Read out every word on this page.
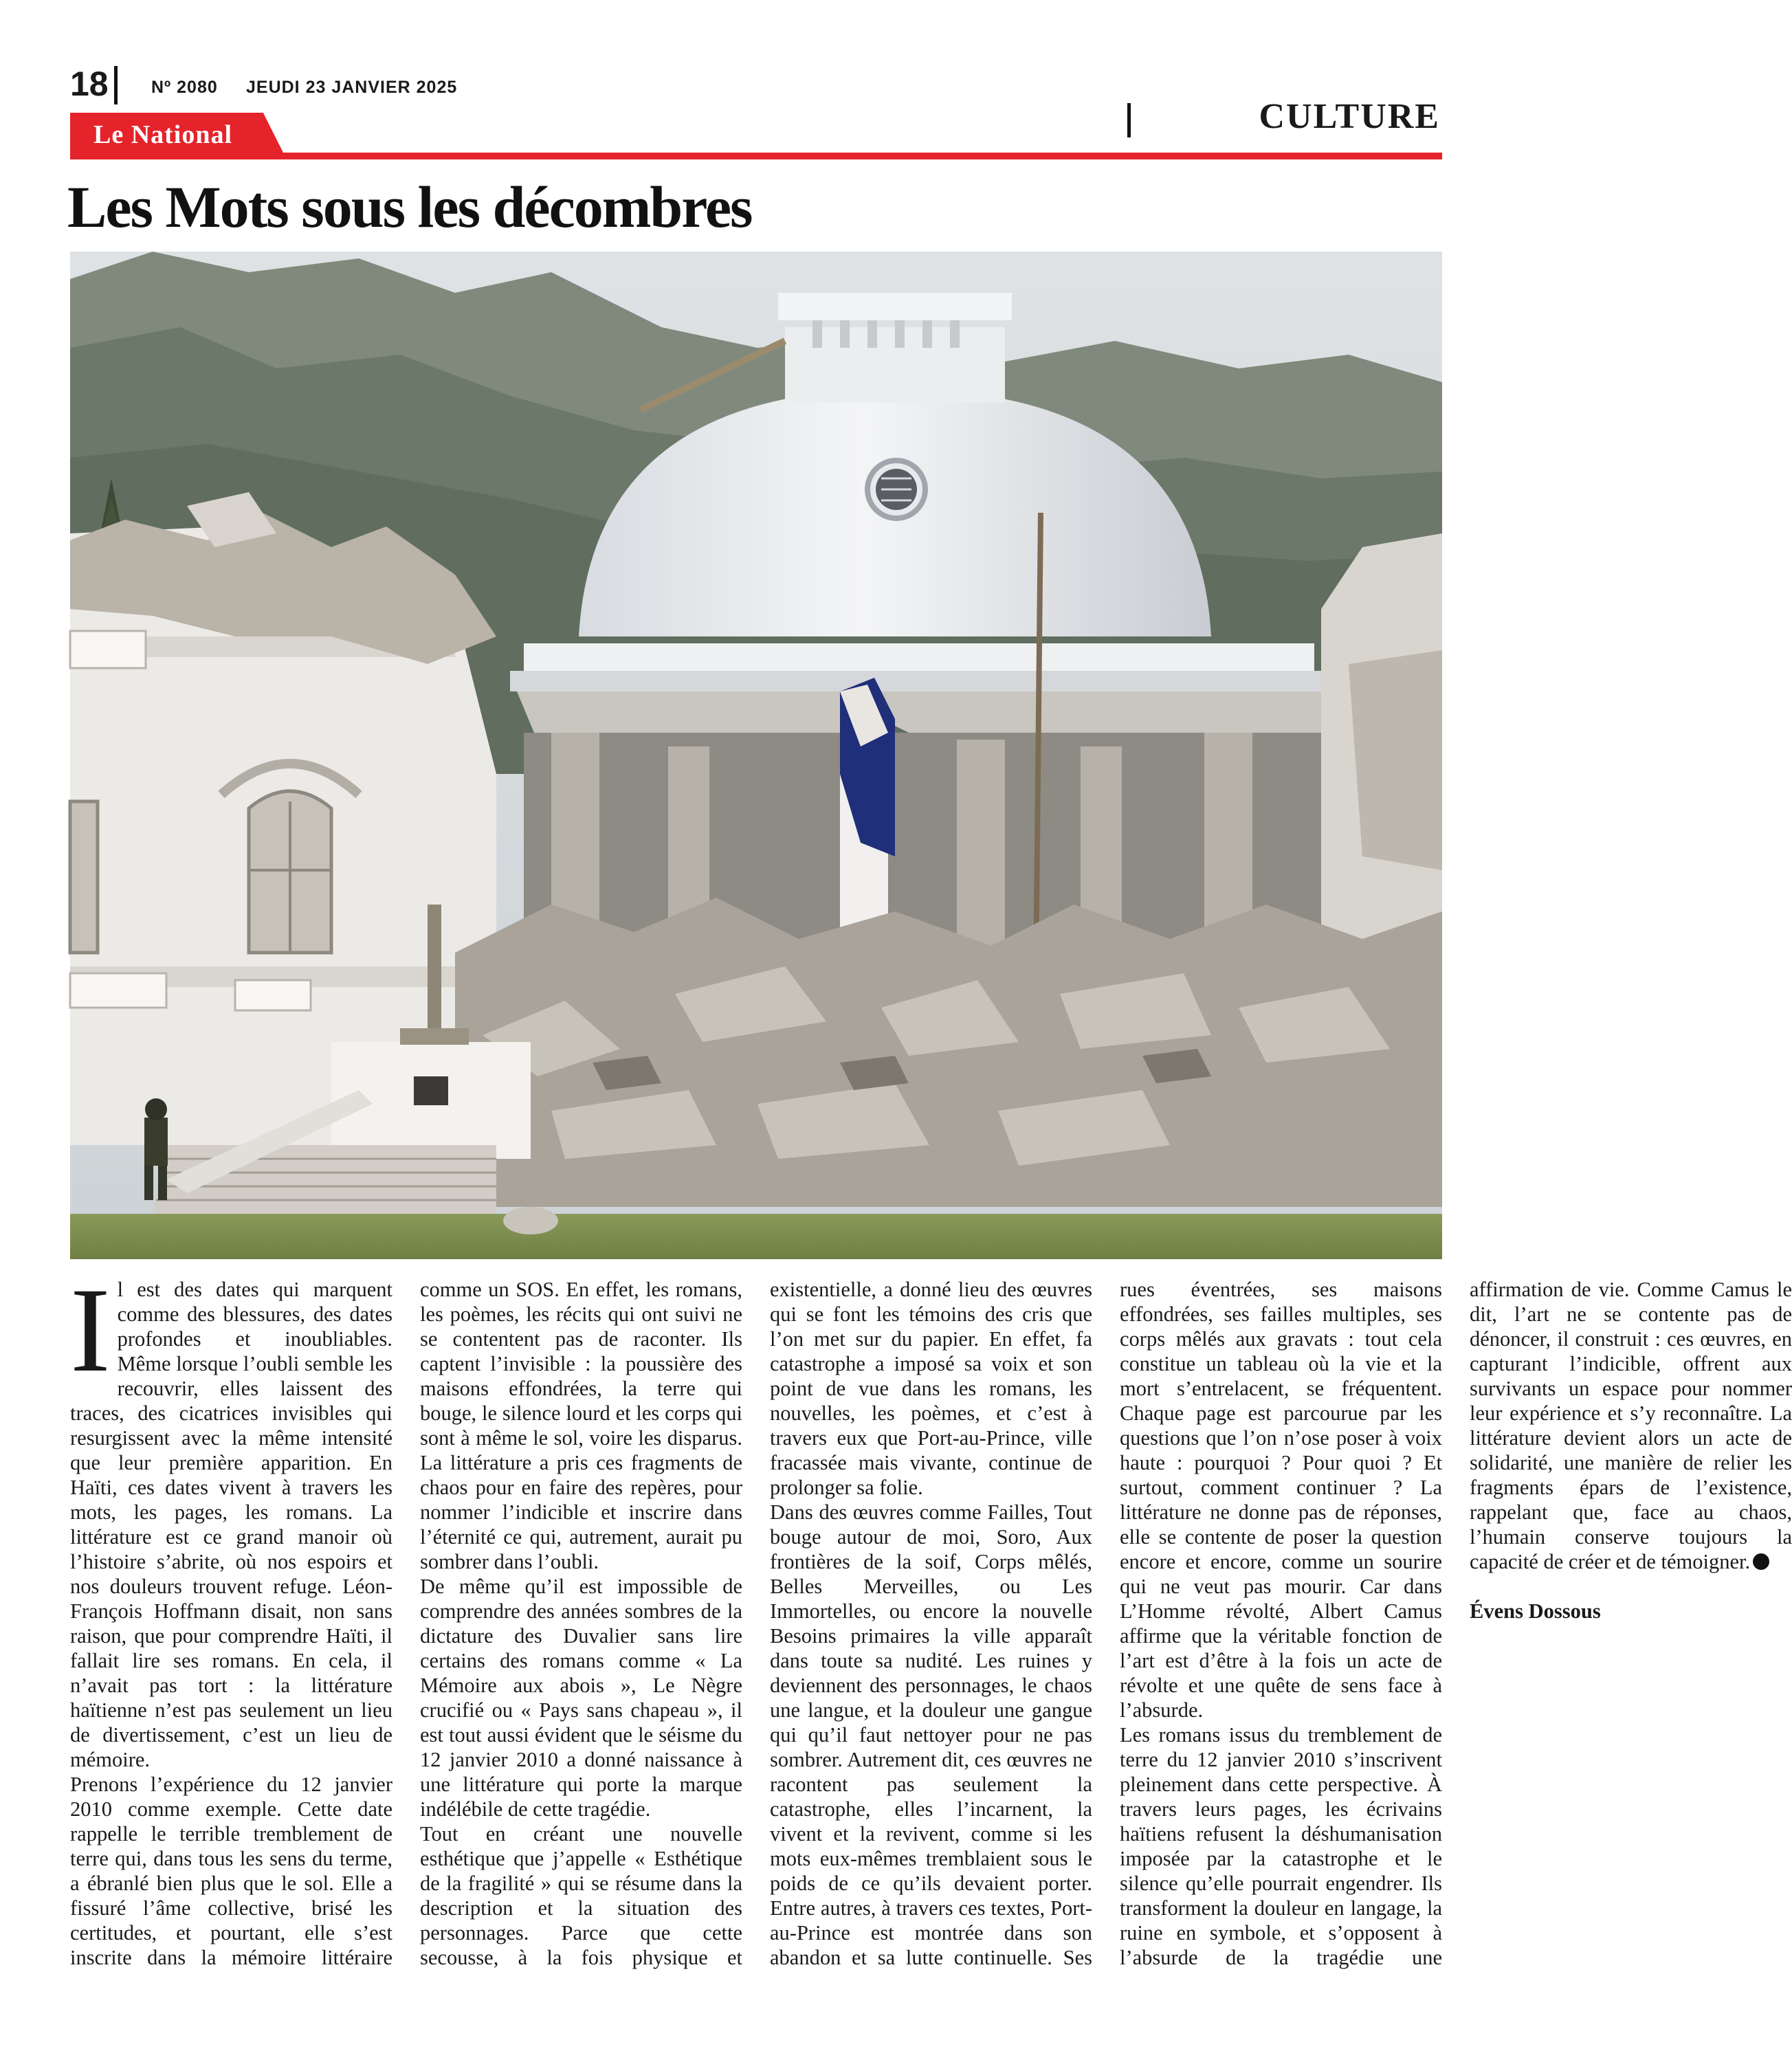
18 Nº 2080 JEUDI 23 JANVIER 2025
CULTURE
Le National
Les Mots sous les décombres

Il est des dates qui marquent comme des blessures, des dates profondes et inoubliables. Même lorsque l’oubli semble les recouvrir, elles laissent des traces, des cicatrices invisibles qui resurgissent avec la même intensité que leur première apparition. En Haïti, ces dates vivent à travers les mots, les pages, les romans. La littérature est ce grand manoir où l’histoire s’abrite, où nos espoirs et nos douleurs trouvent refuge. Léon-François Hoffmann disait, non sans raison, que pour comprendre Haïti, il fallait lire ses romans. En cela, il n’avait pas tort : la littérature haïtienne n’est pas seulement un lieu de divertissement, c’est un lieu de mémoire.

Prenons l’expérience du 12 janvier 2010 comme exemple. Cette date rappelle le terrible tremblement de terre qui, dans tous les sens du terme, a ébranlé bien plus que le sol. Elle a fissuré l’âme collective, brisé les certitudes, et pourtant, elle s’est inscrite dans la mémoire littéraire comme un SOS. En effet, les romans, les poèmes, les récits qui ont suivi ne se contentent pas de raconter. Ils captent l’invisible : la poussière des maisons effondrées, la terre qui bouge, le silence lourd et les corps qui sont à même le sol, voire les disparus. La littérature a pris ces fragments de chaos pour en faire des repères, pour nommer l’indicible et inscrire dans l’éternité ce qui, autrement, aurait pu sombrer dans l’oubli.

De même qu’il est impossible de comprendre des années sombres de la dictature des Duvalier sans lire certains des romans comme « La Mémoire aux abois », Le Nègre crucifié ou « Pays sans chapeau », il est tout aussi évident que le séisme du 12 janvier 2010 a donné naissance à une littérature qui porte la marque indélébile de cette tragédie.

Tout en créant une nouvelle esthétique que j’appelle « Esthétique de la fragilité » qui se résume dans la description et la situation des personnages. Parce que cette secousse, à la fois physique et existentielle, a donné lieu des œuvres qui se font les témoins des cris que l’on met sur du papier. En effet, fa catastrophe a imposé sa voix et son point de vue dans les romans, les nouvelles, les poèmes, et c’est à travers eux que Port-au-Prince, ville fracassée mais vivante, continue de prolonger sa folie.

Dans des œuvres comme Failles, Tout bouge autour de moi, Soro, Aux frontières de la soif, Corps mêlés, Belles Merveilles, ou Les Immortelles, ou encore la nouvelle Besoins primaires la ville apparaît dans toute sa nudité. Les ruines y deviennent des personnages, le chaos une langue, et la douleur une gangue qui qu’il faut nettoyer pour ne pas sombrer. Autrement dit, ces œuvres ne racontent pas seulement la catastrophe, elles l’incarnent, la vivent et la revivent, comme si les mots eux-mêmes tremblaient sous le poids de ce qu’ils devaient porter. Entre autres, à travers ces textes, Port-au-Prince est montrée dans son abandon et sa lutte continuelle. Ses rues éventrées, ses maisons effondrées, ses failles multiples, ses corps mêlés aux gravats : tout cela constitue un tableau où la vie et la mort s’entrelacent, se fréquentent. Chaque page est parcourue par les questions que l’on n’ose poser à voix haute : pourquoi ? Pour quoi ? Et surtout, comment continuer ? La littérature ne donne pas de réponses, elle se contente de poser la question encore et encore, comme un sourire qui ne veut pas mourir. Car dans L’Homme révolté, Albert Camus affirme que la véritable fonction de l’art est d’être à la fois un acte de révolte et une quête de sens face à l’absurde.

Les romans issus du tremblement de terre du 12 janvier 2010 s’inscrivent pleinement dans cette perspective. À travers leurs pages, les écrivains haïtiens refusent la déshumanisation imposée par la catastrophe et le silence qu’elle pourrait engendrer. Ils transforment la douleur en langage, la ruine en symbole, et s’opposent à l’absurde de la tragédie une affirmation de vie. Comme Camus le dit, l’art ne se contente pas de dénoncer, il construit : ces œuvres, en capturant l’indicible, offrent aux survivants un espace pour nommer leur expérience et s’y reconnaître. La littérature devient alors un acte de solidarité, une manière de relier les fragments épars de l’existence, rappelant que, face au chaos, l’humain conserve toujours la capacité de créer et de témoigner.

Évens Dossous
